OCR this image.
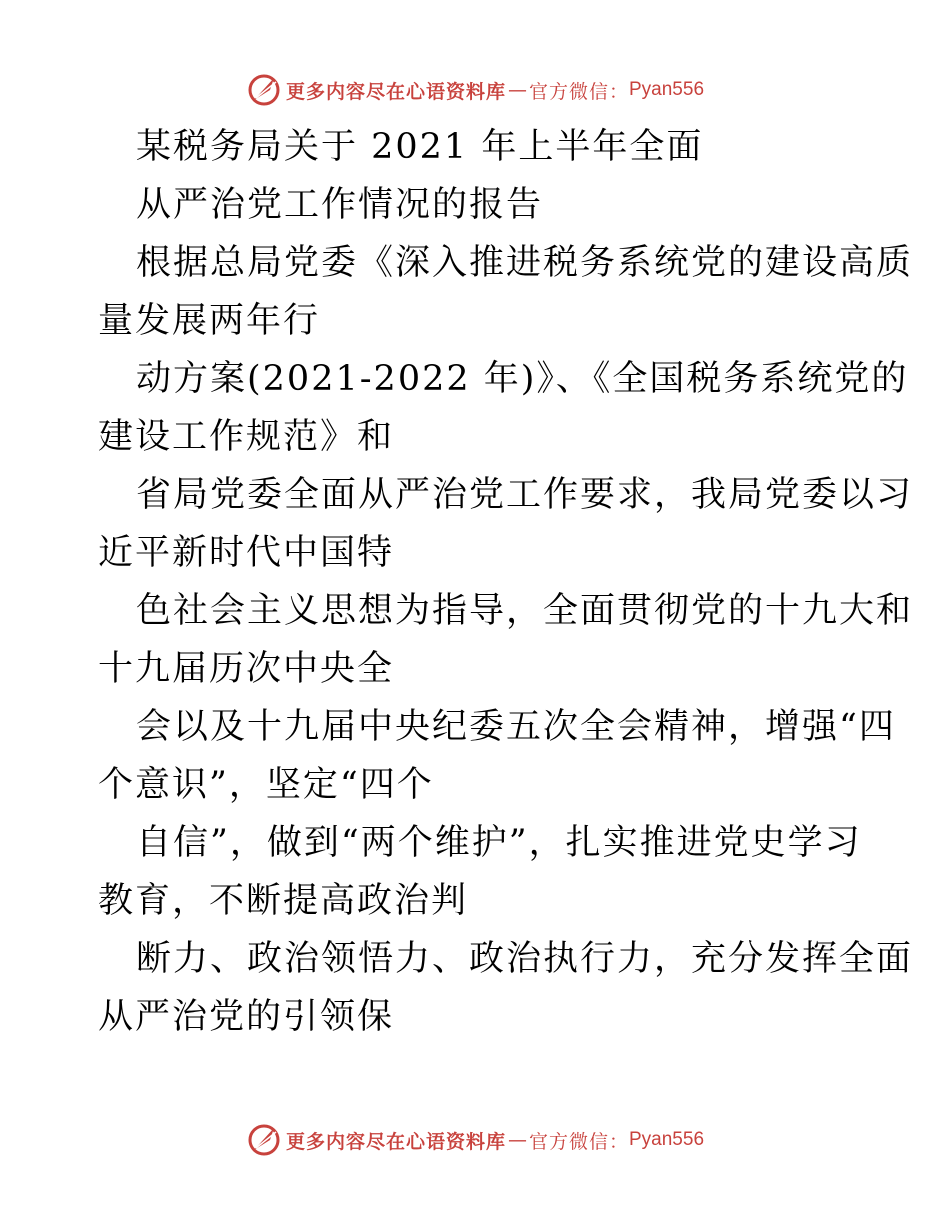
更多内容尽在心语资料库 — 官方微信： Pyan556
某税务局关于 2021 年上半年全面
从严治党工作情况的报告
根据总局党委《深入推进税务系统党的建设高质
量发展两年行
动方案(2021-2022 年)》、《全国税务系统党的
建设工作规范》和
省局党委全面从严治党工作要求，我局党委以习
近平新时代中国特
色社会主义思想为指导，全面贯彻党的十九大和
十九届历次中央全
会以及十九届中央纪委五次全会精神，增强“四
个意识”，坚定“四个
自信”，做到“两个维护”，扎实推进党史学习
教育，不断提高政治判
断力、政治领悟力、政治执行力，充分发挥全面
从严治党的引领保
更多内容尽在心语资料库 — 官方微信： Pyan556
